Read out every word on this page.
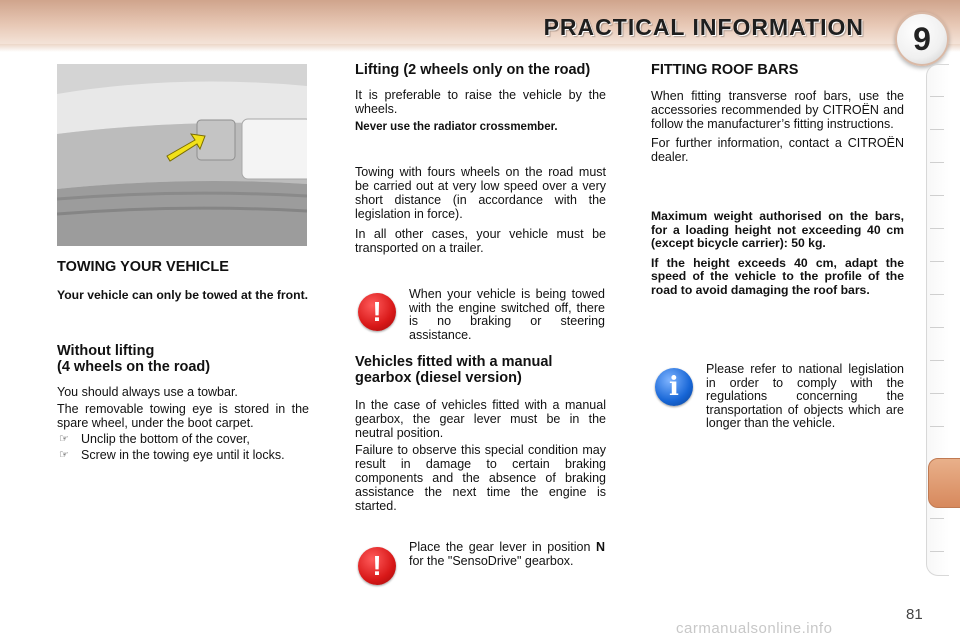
PRACTICAL INFORMATION	9
TOWING YOUR VEHICLE

Your vehicle can only be towed at the front.

Without lifting
(4 wheels on the road)

You should always use a towbar.

The removable towing eye is stored in the spare wheel, under the boot carpet.

☞ Unclip the bottom of the cover,
☞ Screw in the towing eye until it locks.
Lifting (2 wheels only on the road)

It is preferable to raise the vehicle by the wheels.

Never use the radiator crossmember.

Towing with fours wheels on the road must be carried out at very low speed over a very short distance (in accordance with the legislation in force).

In all other cases, your vehicle must be transported on a trailer.

!
When your vehicle is being towed with the engine switched off, there is no braking or steering assistance.
Vehicles fitted with a manual gearbox (diesel version)

In the case of vehicles fitted with a manual gearbox, the gear lever must be in the neutral position.

Failure to observe this special condition may result in damage to certain braking components and the absence of braking assistance the next time the engine is started.

!
Place the gear lever in position N for the "SensoDrive" gearbox.
FITTING ROOF BARS

When fitting transverse roof bars, use the accessories recommended by CITROËN and follow the manufacturer’s fitting instructions.

For further information, contact a CITROËN dealer.

Maximum weight authorised on the bars, for a loading height not exceeding 40 cm (except bicycle carrier): 50 kg.

If the height exceeds 40 cm, adapt the speed of the vehicle to the profile of the road to avoid damaging the roof bars.

i
Please refer to national legislation in order to comply with the regulations concerning the transportation of objects which are longer than the vehicle.
81
carmanualsonline.info
